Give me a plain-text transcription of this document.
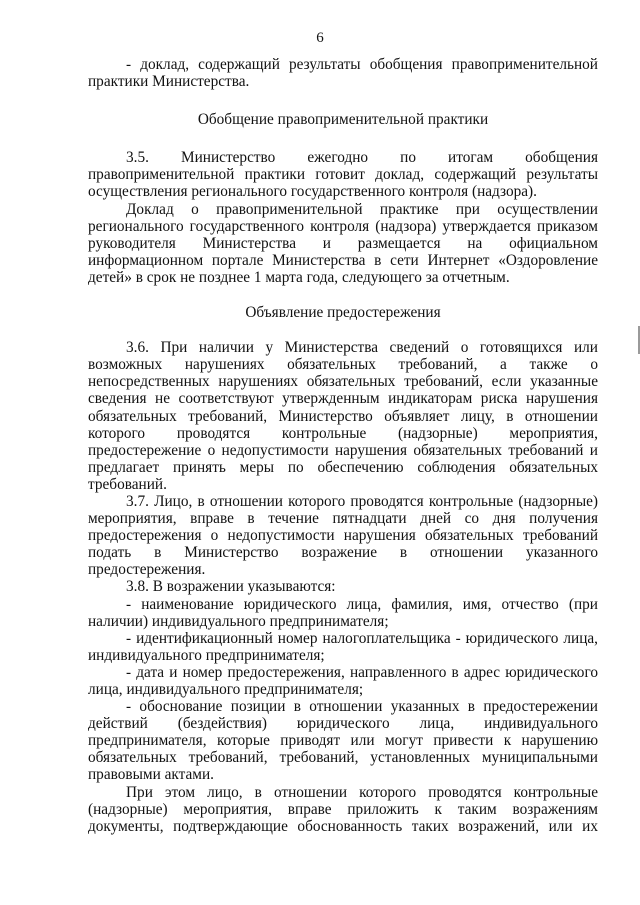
6

- доклад, содержащий результаты обобщения правоприменительной практики Министерства.

Обобщение правоприменительной практики

3.5. Министерство ежегодно по итогам обобщения правоприменительной практики готовит доклад, содержащий результаты осуществления регионального государственного контроля (надзора).

Доклад о правоприменительной практике при осуществлении регионального государственного контроля (надзора) утверждается приказом руководителя Министерства и размещается на официальном информационном портале Министерства в сети Интернет «Оздоровление детей» в срок не позднее 1 марта года, следующего за отчетным.

Объявление предостережения

3.6. При наличии у Министерства сведений о готовящихся или возможных нарушениях обязательных требований, а также о непосредственных нарушениях обязательных требований, если указанные сведения не соответствуют утвержденным индикаторам риска нарушения обязательных требований, Министерство объявляет лицу, в отношении которого проводятся контрольные (надзорные) мероприятия, предостережение о недопустимости нарушения обязательных требований и предлагает принять меры по обеспечению соблюдения обязательных требований.

3.7. Лицо, в отношении которого проводятся контрольные (надзорные) мероприятия, вправе в течение пятнадцати дней со дня получения предостережения о недопустимости нарушения обязательных требований подать в Министерство возражение в отношении указанного предостережения.

3.8. В возражении указываются:

- наименование юридического лица, фамилия, имя, отчество (при наличии) индивидуального предпринимателя;

- идентификационный номер налогоплательщика - юридического лица, индивидуального предпринимателя;

- дата и номер предостережения, направленного в адрес юридического лица, индивидуального предпринимателя;

- обоснование позиции в отношении указанных в предостережении действий (бездействия) юридического лица, индивидуального предпринимателя, которые приводят или могут привести к нарушению обязательных требований, требований, установленных муниципальными правовыми актами.

При этом лицо, в отношении которого проводятся контрольные (надзорные) мероприятия, вправе приложить к таким возражениям документы, подтверждающие обоснованность таких возражений, или их
